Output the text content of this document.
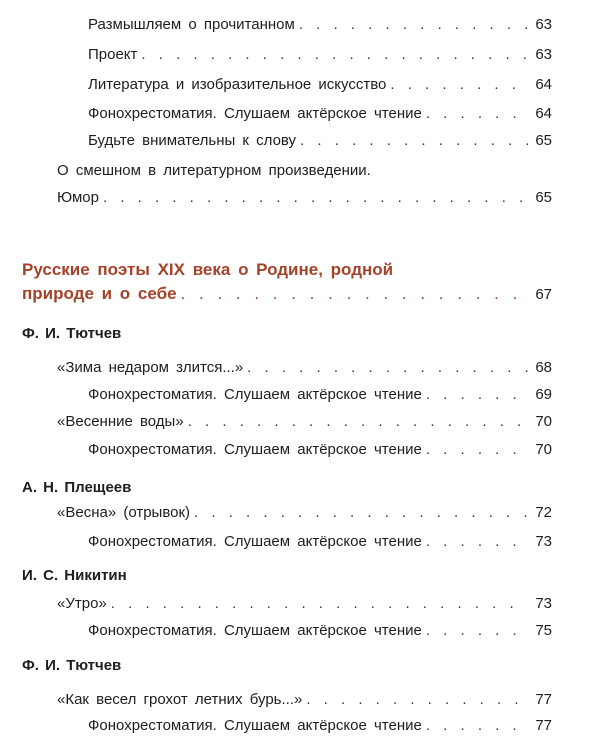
Размышляем о прочитанном . . .	63
Проект . . .	63
Литература и изобразительное искусство . . .	64
Фонохрестоматия. Слушаем актёрское чтение . . .	64
Будьте внимательны к слову . . .	65
О смешном в литературном произведении.
Юмор . . .	65
Русские поэты XIX века о Родине, родной
природе и о себе . . .	67
Ф. И. Тютчев
«Зима недаром злится...» . . .	68
Фонохрестоматия. Слушаем актёрское чтение . . .	69
«Весенние воды» . . .	70
Фонохрестоматия. Слушаем актёрское чтение . . .	70
А. Н. Плещеев
«Весна» (отрывок) . . .	72
Фонохрестоматия. Слушаем актёрское чтение . . .	73
И. С. Никитин
«Утро» . . .	73
Фонохрестоматия. Слушаем актёрское чтение . . .	75
Ф. И. Тютчев
«Как весел грохот летних бурь...» . . .	77
Фонохрестоматия. Слушаем актёрское чтение . . .	77
